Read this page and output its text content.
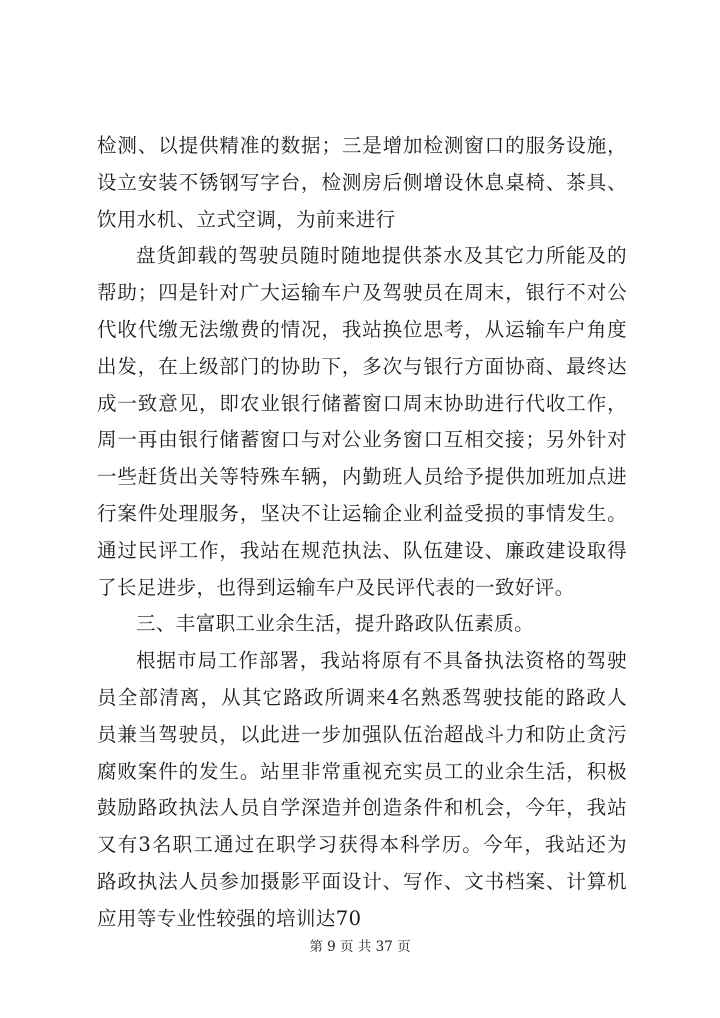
检测、以提供精准的数据；三是增加检测窗口的服务设施，设立安装不锈钢写字台，检测房后侧增设休息桌椅、茶具、饮用水机、立式空调，为前来进行

盘货卸载的驾驶员随时随地提供茶水及其它力所能及的帮助；四是针对广大运输车户及驾驶员在周末，银行不对公代收代缴无法缴费的情况，我站换位思考，从运输车户角度出发，在上级部门的协助下，多次与银行方面协商、最终达成一致意见，即农业银行储蓄窗口周末协助进行代收工作，周一再由银行储蓄窗口与对公业务窗口互相交接；另外针对一些赶货出关等特殊车辆，内勤班人员给予提供加班加点进行案件处理服务，坚决不让运输企业利益受损的事情发生。通过民评工作，我站在规范执法、队伍建设、廉政建设取得了长足进步，也得到运输车户及民评代表的一致好评。

三、丰富职工业余生活，提升路政队伍素质。

根据市局工作部署，我站将原有不具备执法资格的驾驶员全部清离，从其它路政所调来4名熟悉驾驶技能的路政人员兼当驾驶员，以此进一步加强队伍治超战斗力和防止贪污腐败案件的发生。站里非常重视充实员工的业余生活，积极鼓励路政执法人员自学深造并创造条件和机会，今年，我站又有3名职工通过在职学习获得本科学历。今年，我站还为路政执法人员参加摄影平面设计、写作、文书档案、计算机应用等专业性较强的培训达70

第 9 页 共 37 页
